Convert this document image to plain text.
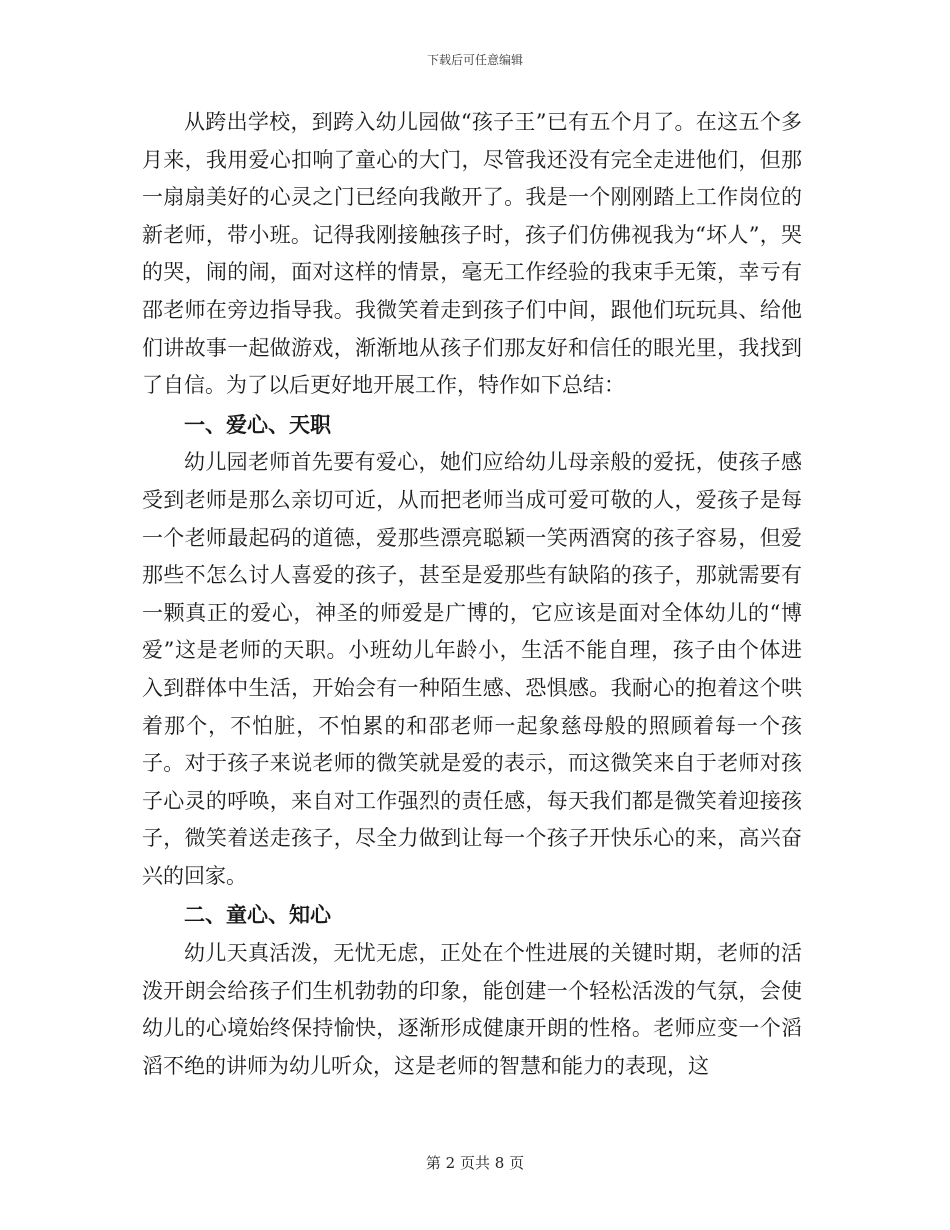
下载后可任意编辑

从跨出学校，到跨入幼儿园做“孩子王”已有五个月了。在这五个多月来，我用爱心扣响了童心的大门，尽管我还没有完全走进他们，但那一扇扇美好的心灵之门已经向我敞开了。我是一个刚刚踏上工作岗位的新老师，带小班。记得我刚接触孩子时，孩子们仿佛视我为“坏人”，哭的哭，闹的闹，面对这样的情景，毫无工作经验的我束手无策，幸亏有邵老师在旁边指导我。我微笑着走到孩子们中间，跟他们玩玩具、给他们讲故事一起做游戏，渐渐地从孩子们那友好和信任的眼光里，我找到了自信。为了以后更好地开展工作，特作如下总结：

一、爱心、天职

幼儿园老师首先要有爱心，她们应给幼儿母亲般的爱抚，使孩子感受到老师是那么亲切可近，从而把老师当成可爱可敬的人，爱孩子是每一个老师最起码的道德，爱那些漂亮聪颖一笑两酒窝的孩子容易，但爱那些不怎么讨人喜爱的孩子，甚至是爱那些有缺陷的孩子，那就需要有一颗真正的爱心，神圣的师爱是广博的，它应该是面对全体幼儿的“博爱”这是老师的天职。小班幼儿年龄小，生活不能自理，孩子由个体进入到群体中生活，开始会有一种陌生感、恐惧感。我耐心的抱着这个哄着那个，不怕脏，不怕累的和邵老师一起象慈母般的照顾着每一个孩子。对于孩子来说老师的微笑就是爱的表示，而这微笑来自于老师对孩子心灵的呼唤，来自对工作强烈的责任感，每天我们都是微笑着迎接孩子，微笑着送走孩子，尽全力做到让每一个孩子开快乐心的来，高兴奋兴的回家。

二、童心、知心

幼儿天真活泼，无忧无虑，正处在个性进展的关键时期，老师的活泼开朗会给孩子们生机勃勃的印象，能创建一个轻松活泼的气氛，会使幼儿的心境始终保持愉快，逐渐形成健康开朗的性格。老师应变一个滔滔不绝的讲师为幼儿听众，这是老师的智慧和能力的表现，这

第 2 页共 8 页
